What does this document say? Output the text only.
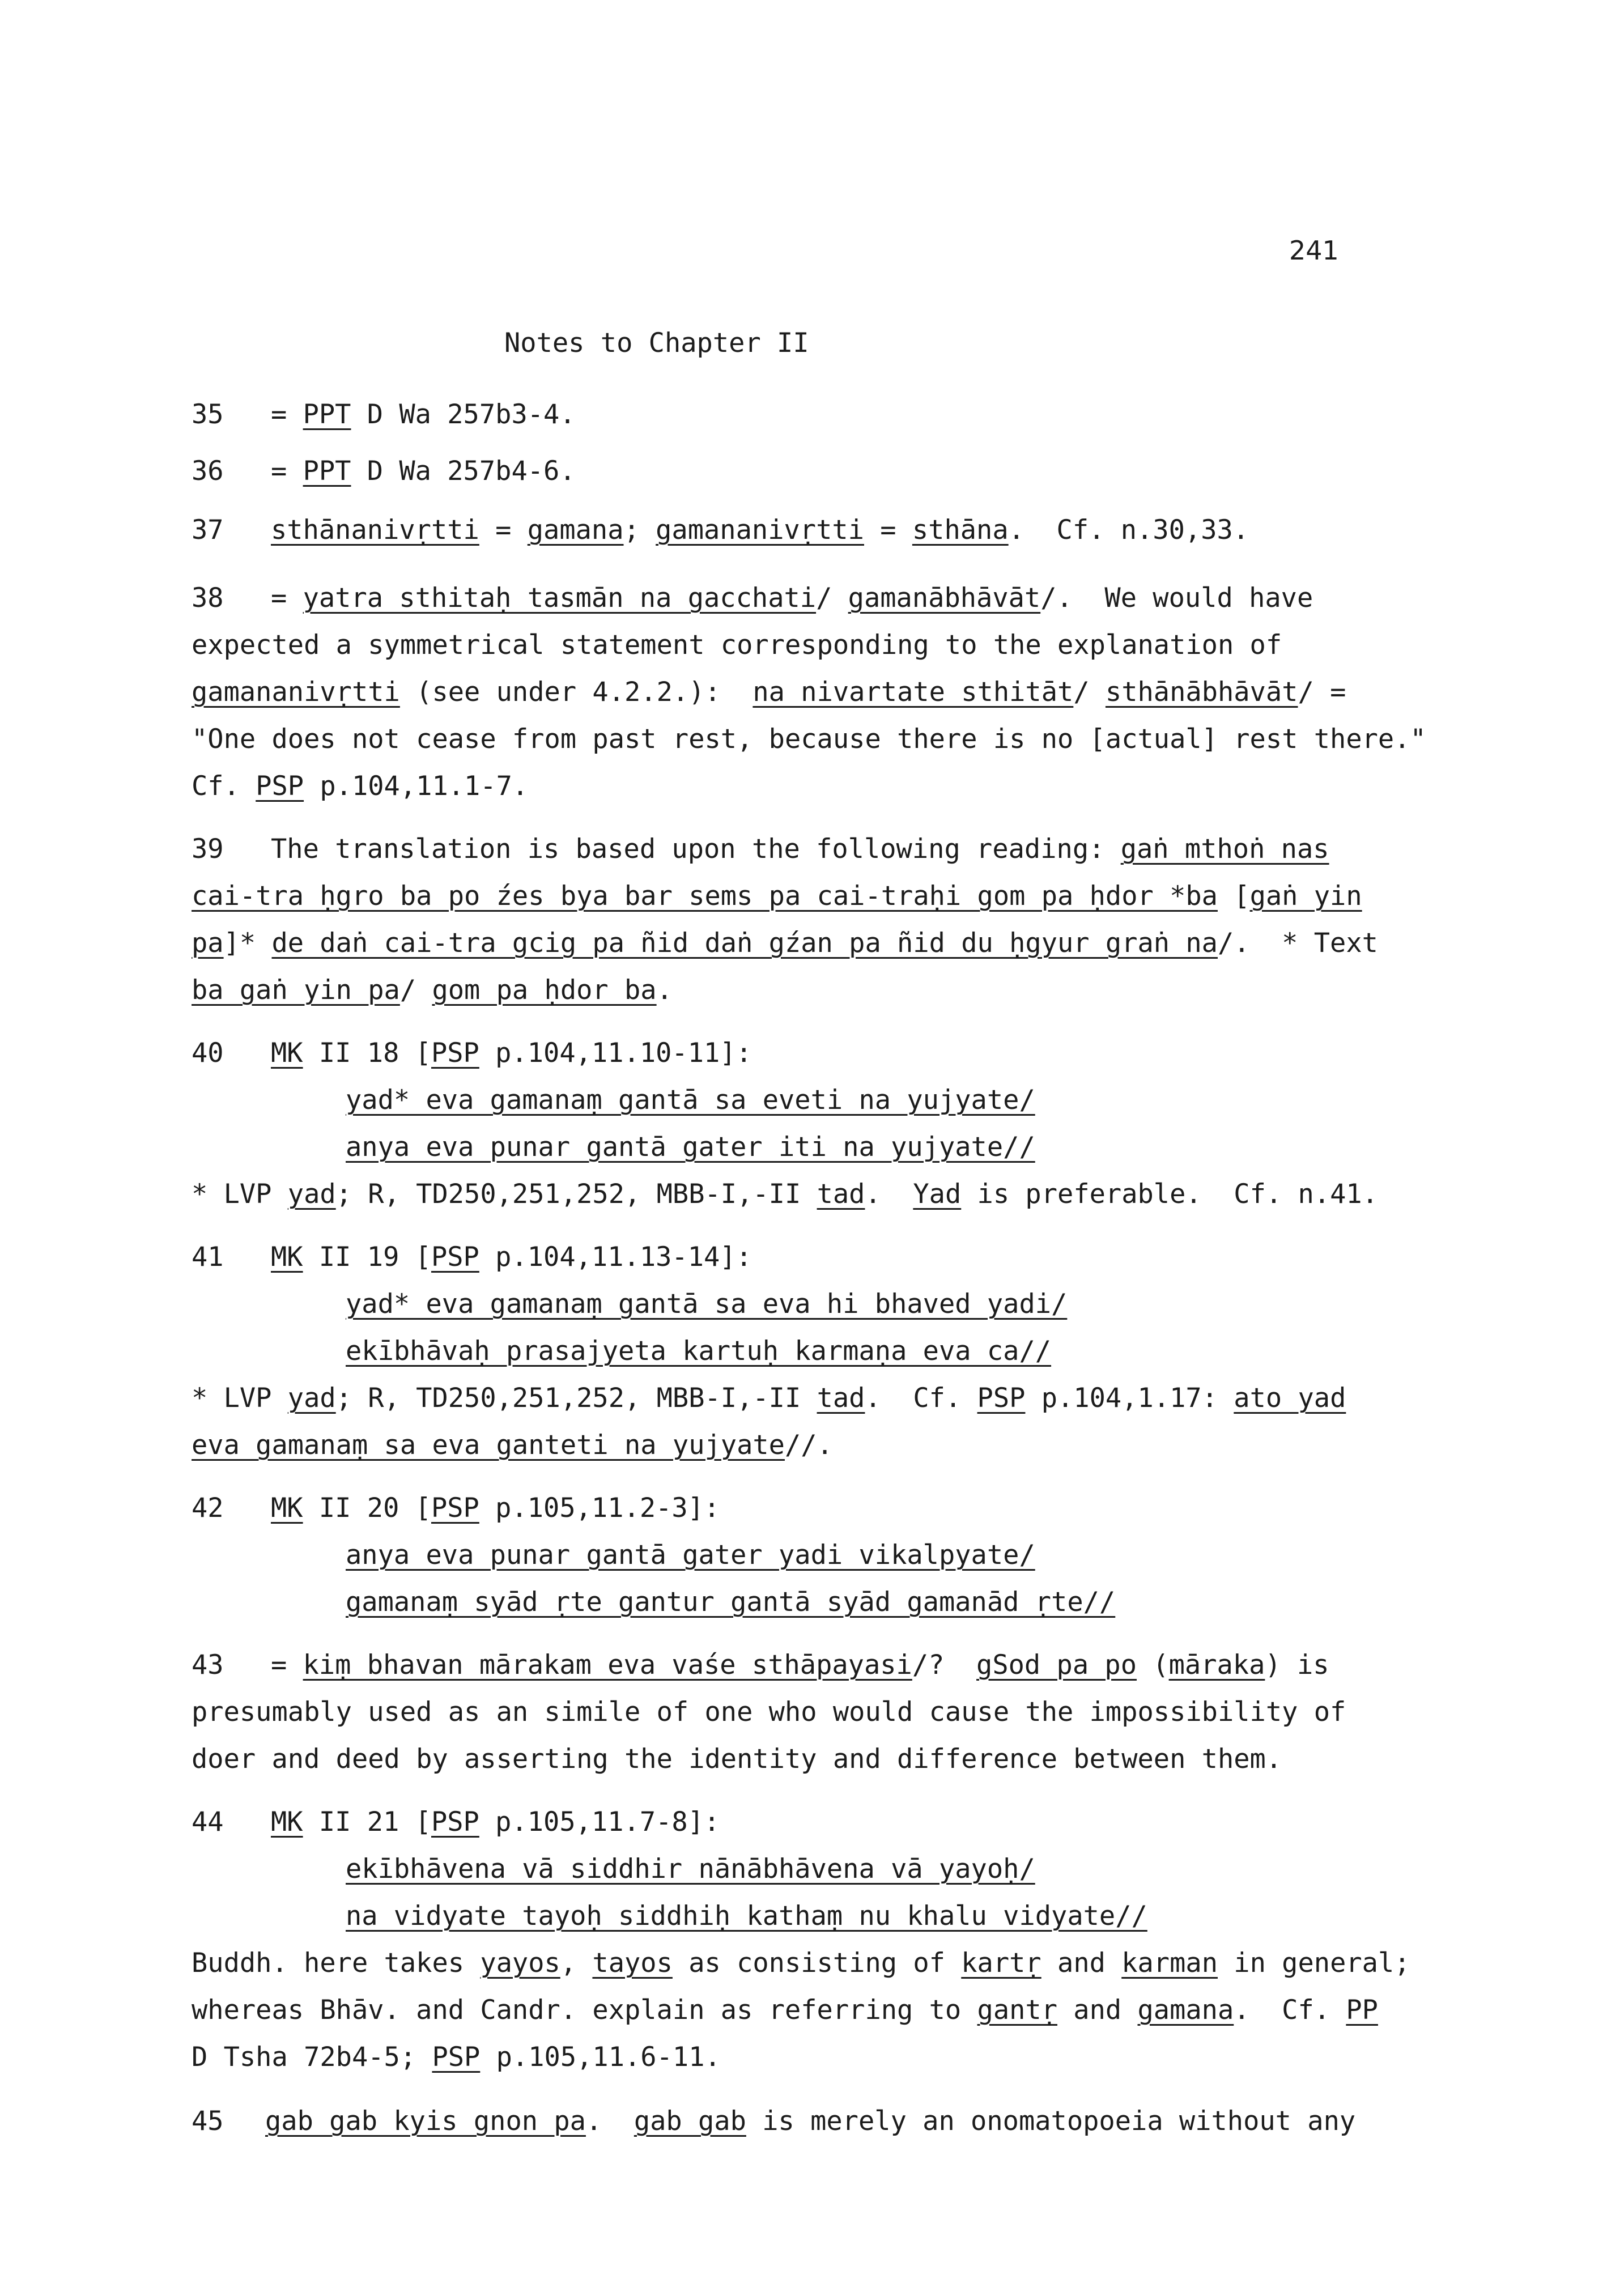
241
Notes to Chapter II
35 = PPT D Wa 257b3-4.
36 = PPT D Wa 257b4-6.
37 sthānanivṛtti = gamana; gamananivṛtti = sthāna.  Cf. n.30,33.
38 = yatra sthitaḥ tasmān na gacchati/ gamanābhāvāt/.  We would have
expected a symmetrical statement corresponding to the explanation of
gamananivṛtti (see under 4.2.2.):  na nivartate sthitāt/ sthānābhāvāt/ =
"One does not cease from past rest, because there is no [actual] rest there."
Cf. PSP p.104,11.1-7.
39 The translation is based upon the following reading: gaṅ mthoṅ nas
cai-tra ḥgro ba po źes bya bar sems pa cai-traḥi gom pa ḥdor *ba [gaṅ yin
pa]* de daṅ cai-tra gcig pa ñid daṅ gźan pa ñid du ḥgyur graṅ na/.  * Text
ba gaṅ yin pa/ gom pa ḥdor ba.
40 MK II 18 [PSP p.104,11.10-11]:
yad* eva gamanaṃ gantā sa eveti na yujyate/
anya eva punar gantā gater iti na yujyate//
* LVP yad; R, TD250,251,252, MBB-I,-II tad.  Yad is preferable.  Cf. n.41.
41 MK II 19 [PSP p.104,11.13-14]:
yad* eva gamanaṃ gantā sa eva hi bhaved yadi/
ekībhāvaḥ prasajyeta kartuḥ karmaṇa eva ca//
* LVP yad; R, TD250,251,252, MBB-I,-II tad.  Cf. PSP p.104,1.17: ato yad
eva gamanaṃ sa eva ganteti na yujyate//.
42 MK II 20 [PSP p.105,11.2-3]:
anya eva punar gantā gater yadi vikalpyate/
gamanaṃ syād ṛte gantur gantā syād gamanād ṛte//
43 = kiṃ bhavan mārakam eva vaśe sthāpayasi/?  gSod pa po (māraka) is
presumably used as an simile of one who would cause the impossibility of
doer and deed by asserting the identity and difference between them.
44 MK II 21 [PSP p.105,11.7-8]:
ekībhāvena vā siddhir nānābhāvena vā yayoḥ/
na vidyate tayoḥ siddhiḥ kathaṃ nu khalu vidyate//
Buddh. here takes yayos, tayos as consisting of kartṛ and karman in general;
whereas Bhāv. and Candr. explain as referring to gantṛ and gamana.  Cf. PP
D Tsha 72b4-5; PSP p.105,11.6-11.
45 gab gab kyis gnon pa.  gab gab is merely an onomatopoeia without any
